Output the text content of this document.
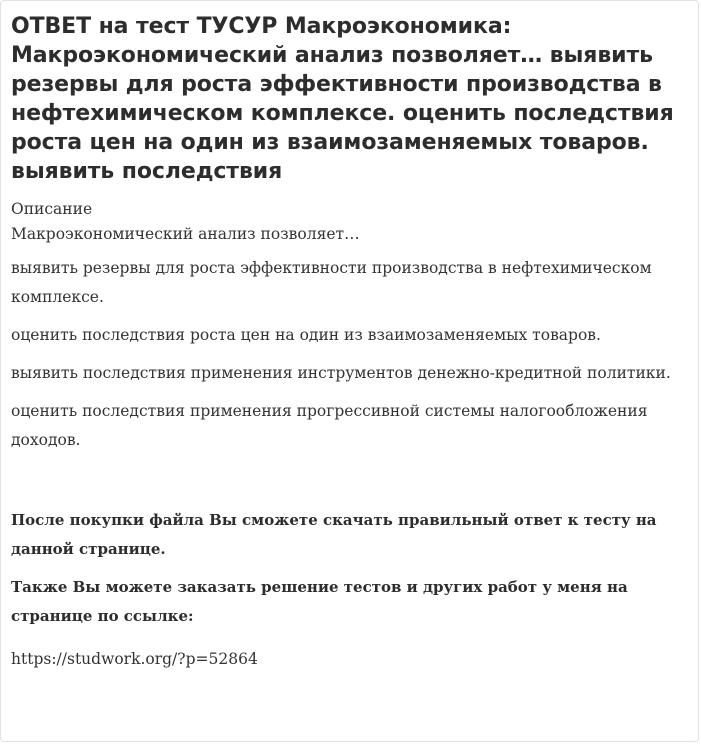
ОТВЕТ на тест ТУСУР Макроэкономика: Макроэкономический анализ позволяет… выявить резервы для роста эффективности производства в нефтехимическом комплексе. оценить последствия роста цен на один из взаимозаменяемых товаров. выявить последствия
Описание

Макроэкономический анализ позволяет…

выявить резервы для роста эффективности производства в нефтехимическом комплексе.

оценить последствия роста цен на один из взаимозаменяемых товаров.

выявить последствия применения инструментов денежно-кредитной политики.

оценить последствия применения прогрессивной системы налогообложения доходов.

После покупки файла Вы сможете скачать правильный ответ к тесту на данной странице.

Также Вы можете заказать решение тестов и других работ у меня на странице по ссылке:

https://studwork.org/?p=52864
